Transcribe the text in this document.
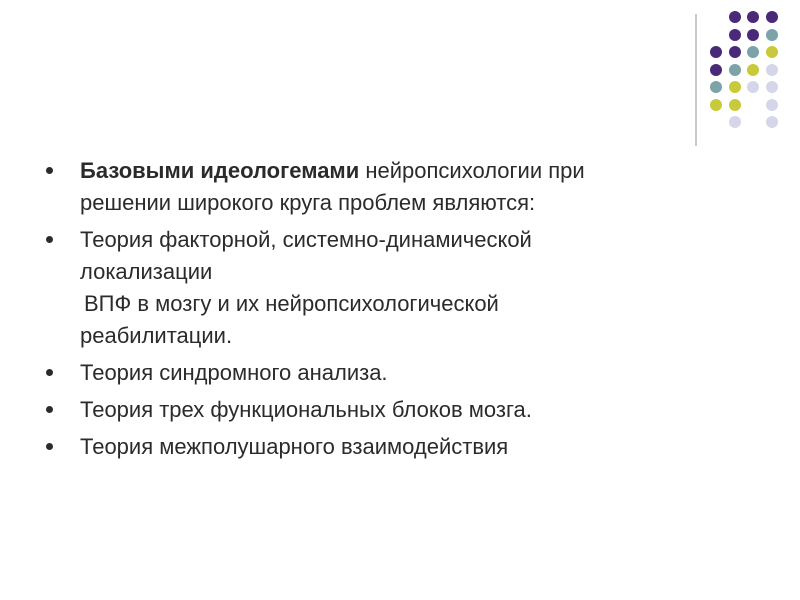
Базовыми идеологемами нейропсихологии при
решении широкого круга проблем являются:
Теория факторной, системно-динамической
локализации
ВПФ в мозгу и их нейропсихологической
реабилитации.
Теория синдромного анализа.
Теория трех функциональных блоков мозга.
Теория межполушарного взаимодействия
